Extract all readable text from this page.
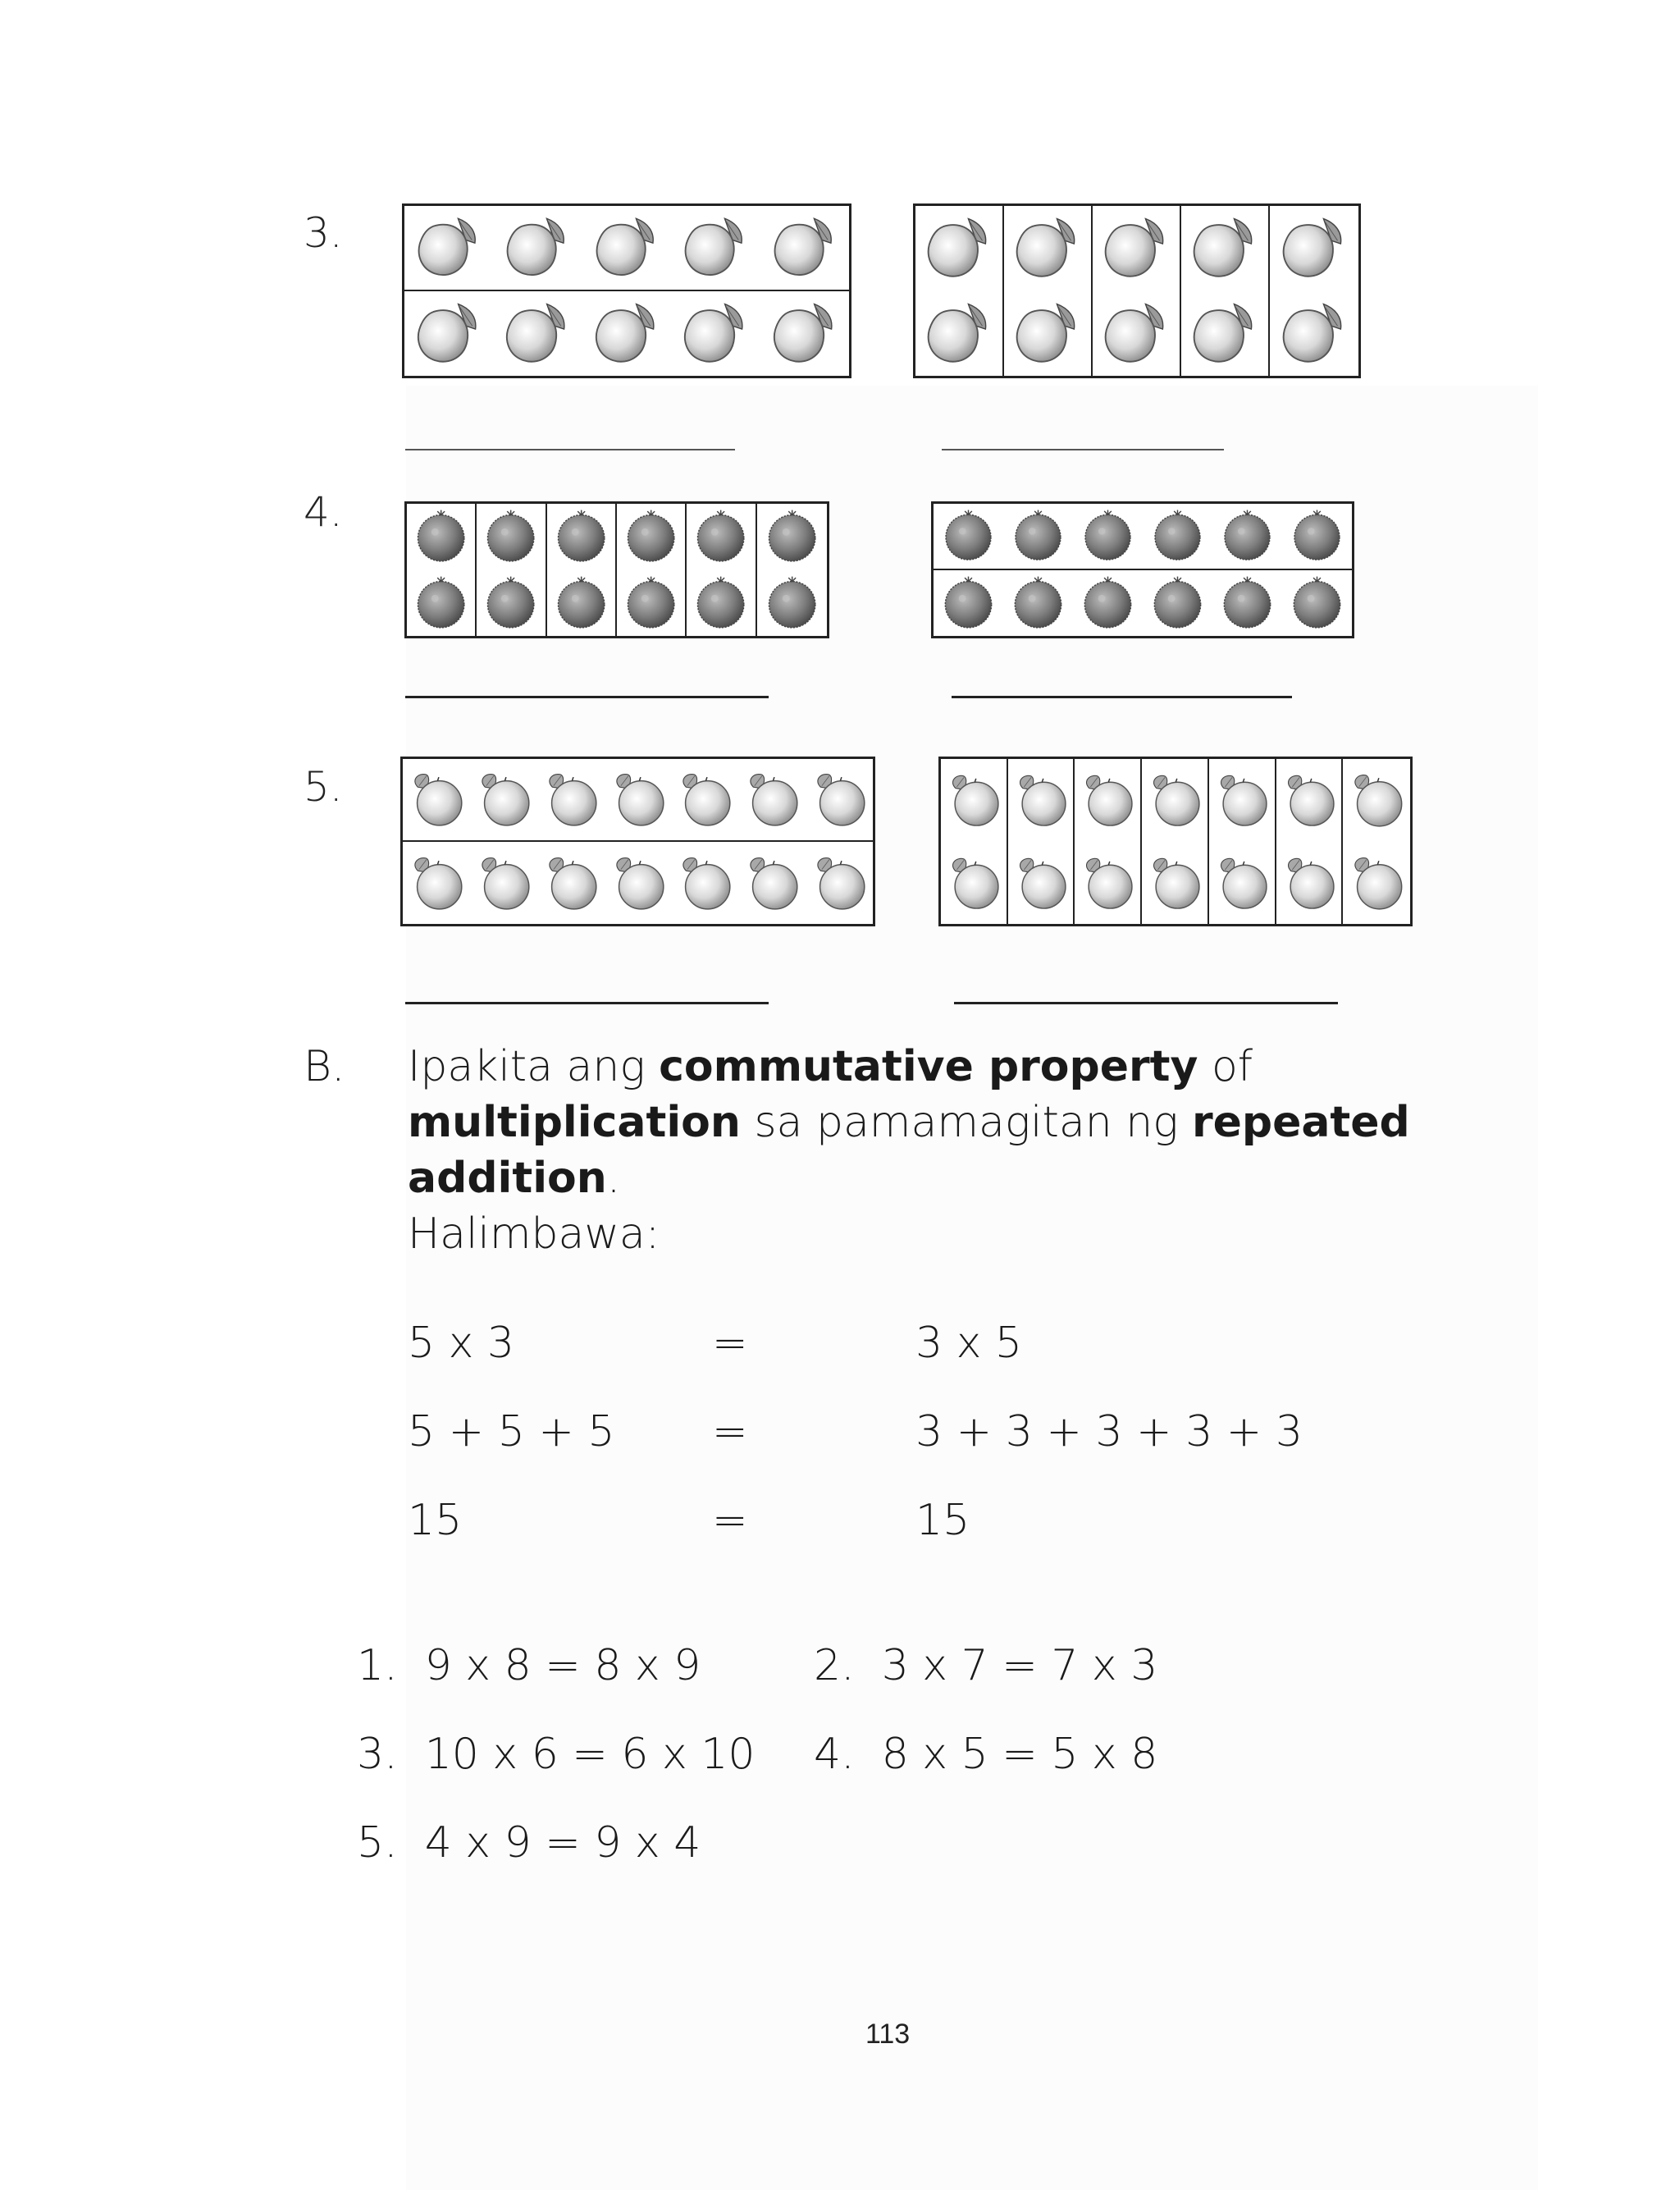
3.
4.
5.
B. Ipakita ang commutative property of
multiplication sa pamamagitan ng repeated
addition.
Halimbawa:
5 x 3	=	3 x 5
5 + 5 + 5 =	3 + 3 + 3 + 3 + 3
15	=	15
1. 9 x 8 = 8 x 9	2. 3 x 7 = 7 x 3
3. 10 x 6 = 6 x 10 4. 8 x 5 = 5 x 8
5. 4 x 9 = 9 x 4
113
